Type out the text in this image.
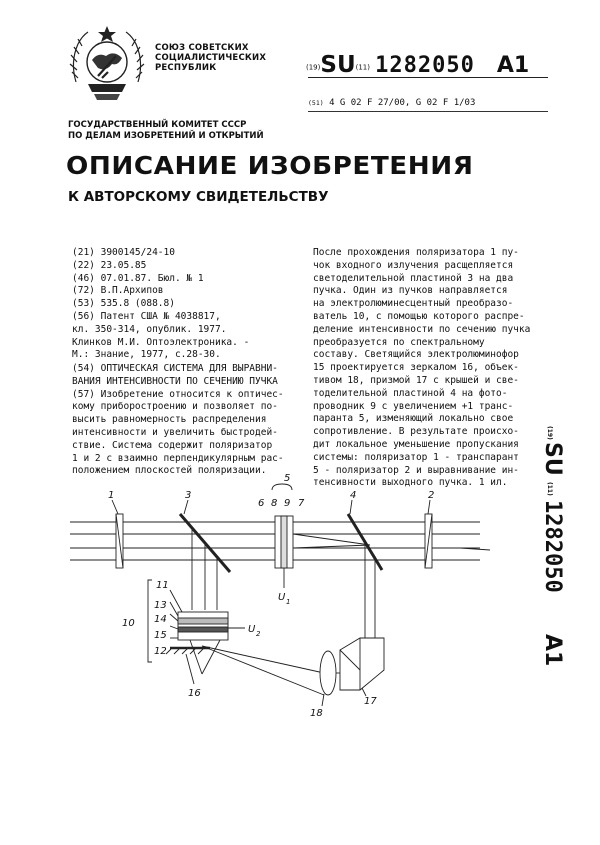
СОЮЗ СОВЕТСКИХ
СОЦИАЛИСТИЧЕСКИХ
РЕСПУБЛИК	(19)SU(11) 1282050 A1
(51) 4 G 02 F 27/00, G 02 F 1/03
ГОСУДАРСТВЕННЫЙ КОМИТЕТ СССР
ПО ДЕЛАМ ИЗОБРЕТЕНИЙ И ОТКРЫТИЙ
ОПИСАНИЕ ИЗОБРЕТЕНИЯ
К АВТОРСКОМУ СВИДЕТЕЛЬСТВУ
(21) 3900145/24-10
(22) 23.05.85
(46) 07.01.87. Бюл. № 1
(72) В.П.Архипов
(53) 535.8 (088.8)
(56) Патент США № 4038817,
кл. 350-314, опублик. 1977.
Клинков М.И. Оптоэлектроника. -
М.: Знание, 1977, с.28-30.
(54) ОПТИЧЕСКАЯ СИСТЕМА ДЛЯ ВЫРАВНИ-
ВАНИЯ ИНТЕНСИВНОСТИ ПО СЕЧЕНИЮ ПУЧКА
(57) Изобретение относится к оптичес-
кому приборостроению и позволяет по-
высить равномерность распределения
интенсивности и увеличить быстродей-
ствие. Система содержит поляризатор
1 и 2 с взаимно перпендикулярным рас-
положением плоскостей поляризации.
После прохождения поляризатора 1 пу-
чок входного излучения расщепляется
светоделительной пластиной 3 на два
пучка. Один из пучков направляется
на электролюминесцентный преобразо-
ватель 10, с помощью которого распре-
деление интенсивности по сечению пучка
преобразуется по спектральному
составу. Светящийся электролюминофор
15 проектируется зеркалом 16, объек-
тивом 18, призмой 17 с крышей и све-
тоделительной пластиной 4 на фото-
проводник 9 с увеличением +1 транс-
паранта 5, изменяющий локально свое
сопротивление. В результате происхо-
дит локальное уменьшение пропускания
системы: поляризатор 1 - транспарант
5 - поляризатор 2 и выравнивание ин-
тенсивности выходного пучка. 1 ил.
(19)
SU
(11)
1282050
A1
1	3
5
6 8 9 7
4	2
11
13
10 14
15
12
16
18
17
U 1
U 2
